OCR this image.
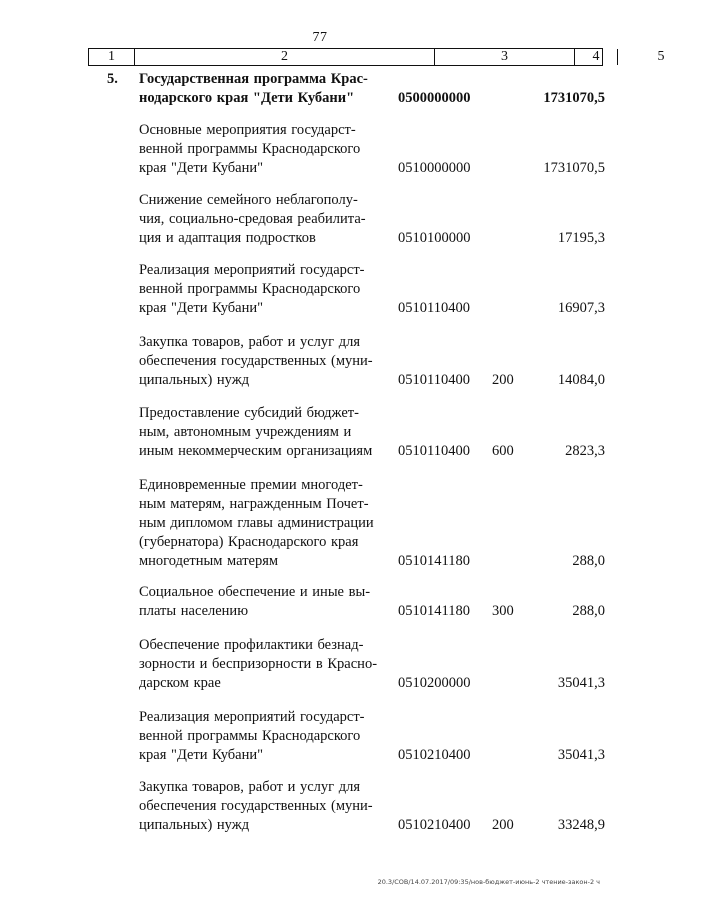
77
1	2	3	4	5
5. Государственная программа Крас-
нодарского края "Дети Кубани"	0500000000	1731070,5
Основные мероприятия государст-
венной программы Краснодарского
края "Дети Кубани"	0510000000	1731070,5
Снижение семейного неблагополу-
чия, социально-средовая реабилита-
ция и адаптация подростков	0510100000	17195,3
Реализация мероприятий государст-
венной программы Краснодарского
края "Дети Кубани"	0510110400	16907,3
Закупка товаров, работ и услуг для
обеспечения государственных (муни-
ципальных) нужд	0510110400 200	14084,0
Предоставление субсидий бюджет-
ным, автономным учреждениям и
иным некоммерческим организациям	0510110400 600	2823,3
Единовременные премии многодет-
ным матерям, награжденным Почет-
ным дипломом главы администрации
(губернатора) Краснодарского края
многодетным матерям	0510141180	288,0
Социальное обеспечение и иные вы-
платы населению	0510141180 300	288,0
Обеспечение профилактики безнад-
зорности и беспризорности в Красно-
дарском крае	0510200000	35041,3
Реализация мероприятий государст-
венной программы Краснодарского
края "Дети Кубани"	0510210400	35041,3
Закупка товаров, работ и услуг для
обеспечения государственных (муни-
ципальных) нужд	0510210400 200	33248,9
20.3/СОВ/14.07.2017/09:35/нов-бюджет-июнь-2 чтение-закон-2 ч
